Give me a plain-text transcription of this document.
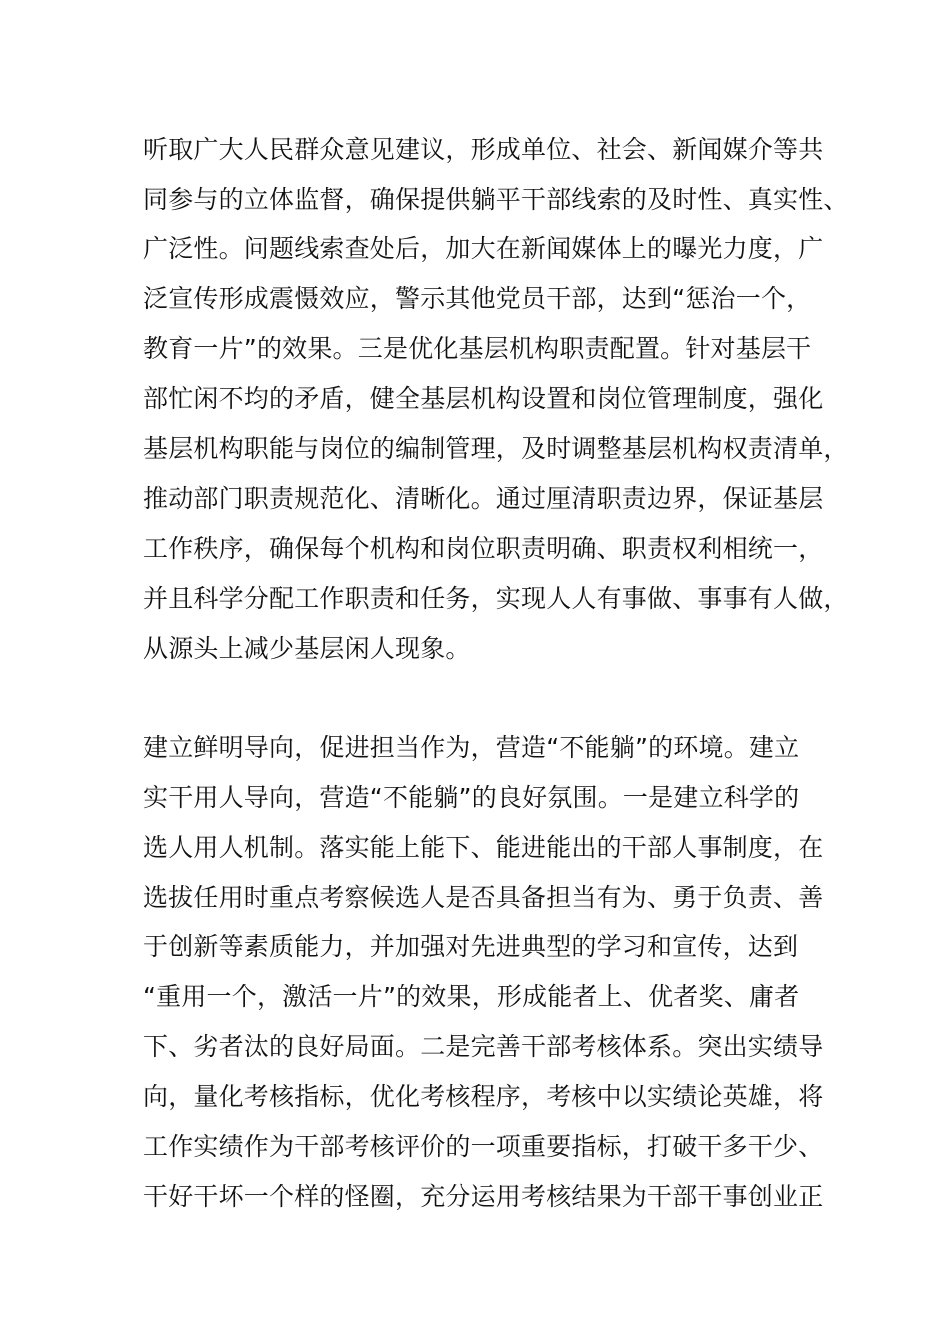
听取广大人民群众意见建议，形成单位、社会、新闻媒介等共

同参与的立体监督，确保提供躺平干部线索的及时性、真实性、

广泛性。问题线索查处后，加大在新闻媒体上的曝光力度，广

泛宣传形成震慑效应，警示其他党员干部，达到“惩治一个，

教育一片”的效果。三是优化基层机构职责配置。针对基层干

部忙闲不均的矛盾，健全基层机构设置和岗位管理制度，强化

基层机构职能与岗位的编制管理，及时调整基层机构权责清单，

推动部门职责规范化、清晰化。通过厘清职责边界，保证基层

工作秩序，确保每个机构和岗位职责明确、职责权利相统一，

并且科学分配工作职责和任务，实现人人有事做、事事有人做，

从源头上减少基层闲人现象。

建立鲜明导向，促进担当作为，营造“不能躺”的环境。建立

实干用人导向，营造“不能躺”的良好氛围。一是建立科学的

选人用人机制。落实能上能下、能进能出的干部人事制度，在

选拔任用时重点考察候选人是否具备担当有为、勇于负责、善

于创新等素质能力，并加强对先进典型的学习和宣传，达到

“重用一个，激活一片”的效果，形成能者上、优者奖、庸者

下、劣者汰的良好局面。二是完善干部考核体系。突出实绩导

向，量化考核指标，优化考核程序，考核中以实绩论英雄，将

工作实绩作为干部考核评价的一项重要指标，打破干多干少、

干好干坏一个样的怪圈，充分运用考核结果为干部干事创业正
